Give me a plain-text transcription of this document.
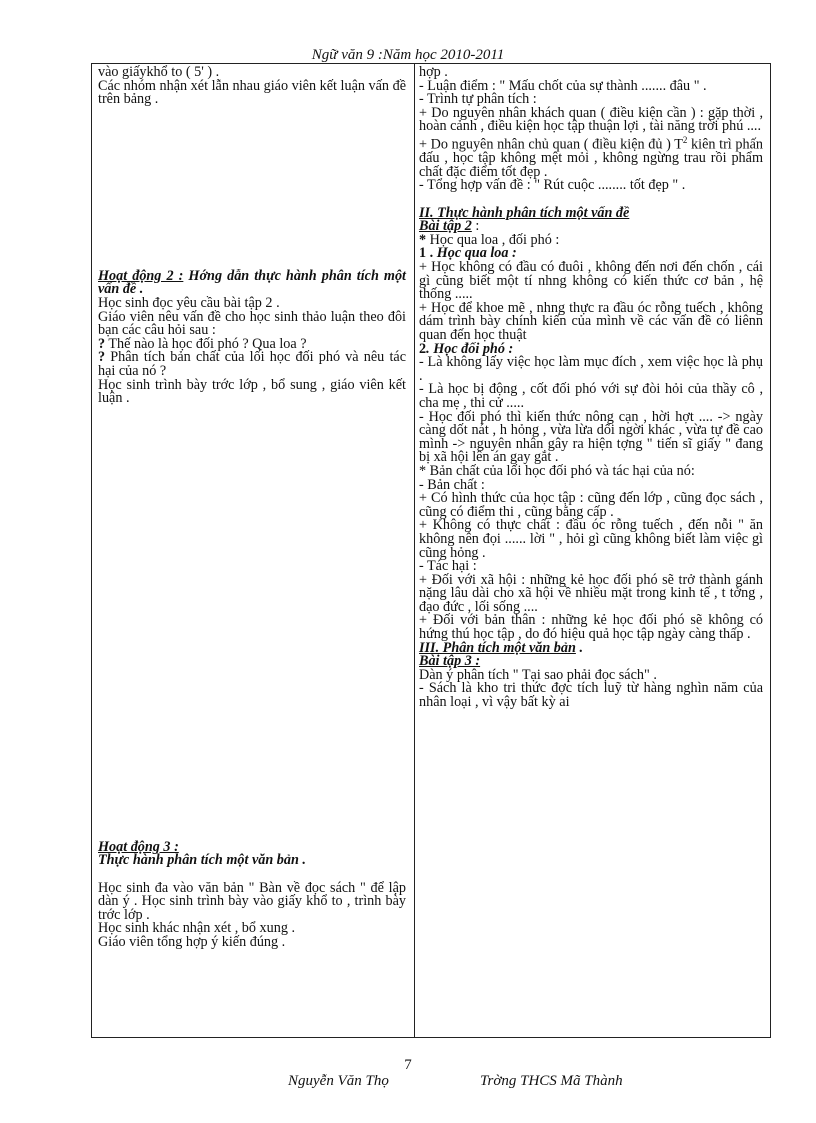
Ngữ văn 9 :Năm học 2010-2011

vào giấykhổ to ( 5' ) .

Các nhóm nhận xét lẫn nhau giáo viên kết luận vấn đề trên bảng .

Hoạt động 2 : Hớng dẫn thực hành phân tích một vấn đề .

Học sinh đọc yêu cầu bài tập 2 .

Giáo viên nêu vấn đề cho học sinh thảo luận theo đôi bạn các câu hỏi sau :

? Thế nào là học đối phó ? Qua loa ?

? Phân tích bản chất của lối học đối phó và nêu tác hại của nó ?

Học sinh trình bày trớc lớp , bổ sung , giáo viên kết luận .

Hoạt động 3 :

Thực hành phân tích một văn bản .

Học sinh đa vào văn bản " Bàn về đọc sách " để lập dàn ý . Học sinh trình bày vào giấy khổ to , trình bày trớc lớp .

Học sinh khác nhận xét , bổ xung .

Giáo viên tổng hợp ý kiến đúng .

hợp .

- Luận điểm : " Mấu chốt của sự thành ....... đâu " .

- Trình tự phân tích :

+ Do nguyên nhân khách quan ( điều kiện cần ) : gặp thời , hoàn cảnh , điều kiện học tập thuận lợi , tài năng trời phú ....

+ Do nguyên nhân chủ quan ( điều kiện đủ ) $T^2$ kiên trì phấn đấu , học tập không mệt mỏi , không ngừng trau rồi phẩm chất đặc điểm tốt đẹp .

- Tổng hợp vấn đề : " Rút cuộc ........ tốt đẹp " .

II. Thực hành phân tích một vấn đề

Bài tập 2 :

* Học qua loa , đối phó :

1 . Học qua loa :

+ Học không có đầu có đuôi , không đến nơi đến chốn , cái gì cũng biết một tí nhng không có kiến thức cơ bản , hệ thống .....

+ Học để khoe mẽ , nhng thực ra đầu óc rỗng tuếch , không dám trình bày chính kiến của mình về các vấn đề có liênn quan đến học thuật

2. Học đối phó :

- Là không lấy việc học làm mục đích , xem việc học là phụ .

- Là học bị động , cốt đối phó với sự đòi hỏi của thầy cô , cha mẹ , thi cử .....

- Học đối phó thì kiến thức nông cạn , hời hợt .... -> ngày càng dốt nát , h hỏng , vừa lừa dối ngời khác , vừa tự đề cao mình -> nguyên nhân gây ra hiện tợng " tiến sĩ giấy " đang bị xã hội lên án gay gắt .

* Bản chất của lối học đối phó và tác hại của nó:

- Bản chất :

+ Có hình thức của học tập : cũng đến lớp , cũng đọc sách , cũng có điểm thi , cũng bằng cấp .

+ Không có thực chất : đầu óc rỗng tuếch , đến nỗi " ăn không nên đọi ...... lời " , hỏi gì cũng không biết làm việc gì cũng hỏng .

- Tác hại :

+ Đối với xã hội : những kẻ học đối phó sẽ trở thành gánh nặng lâu dài cho xã hội về nhiều mặt trong kinh tế , t tởng , đạo đức , lối sống ....

+ Đối với bản thân : những kẻ học đối phó sẽ không có hứng thú học tập , do đó hiệu quả học tập ngày càng thấp .

III. Phân tích một văn bản .

Bài tập 3 :

Dàn ý phân tích " Tại sao phải đọc sách" .

- Sách là kho tri thức đợc tích luỹ từ hàng nghìn năm của nhân loại , vì vậy bất kỳ ai

7
Nguyễn Văn Thọ	Trờng THCS Mã Thành
